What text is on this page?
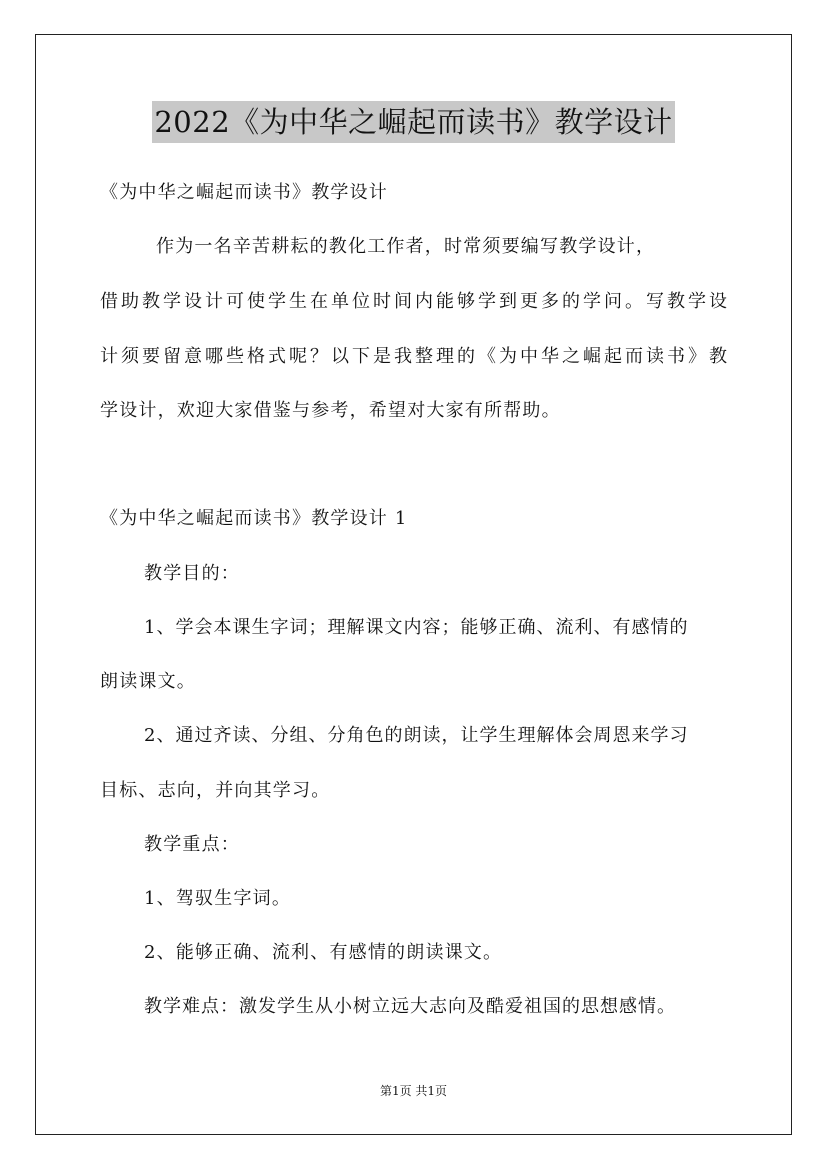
2022《为中华之崛起而读书》教学设计
《为中华之崛起而读书》教学设计
作为一名辛苦耕耘的教化工作者，时常须要编写教学设计，
借助教学设计可使学生在单位时间内能够学到更多的学问。写教学设
计须要留意哪些格式呢？以下是我整理的《为中华之崛起而读书》教
学设计，欢迎大家借鉴与参考，希望对大家有所帮助。
《为中华之崛起而读书》教学设计 1
教学目的：
1、学会本课生字词；理解课文内容；能够正确、流利、有感情的
朗读课文。
2、通过齐读、分组、分角色的朗读，让学生理解体会周恩来学习
目标、志向，并向其学习。
教学重点：
1、驾驭生字词。
2、能够正确、流利、有感情的朗读课文。
教学难点：激发学生从小树立远大志向及酷爱祖国的思想感情。
第1页 共1页
